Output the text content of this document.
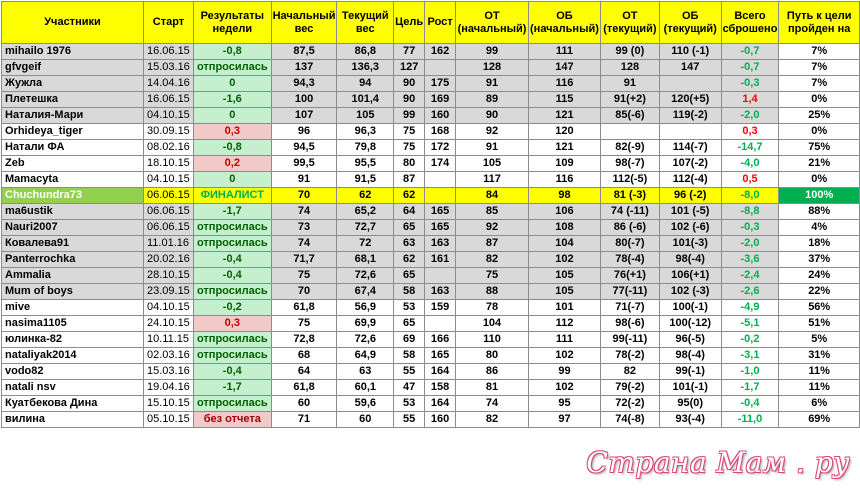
Участники	Старт	Результаты недели	Начальный вес	Текущий вес	Цель	Рост	ОТ (начальный)	ОБ (начальный)	ОТ (текущий)	ОБ (текущий)	Всего сброшено	Путь к цели пройден на
mihailo 1976	16.06.15	-0,8	87,5	86,8	77	162	99	111	99 (0)	110 (-1)	-0,7	7%
gfvgeif	15.03.16	отпросилась	137	136,3	127		128	147	128	147	-0,7	7%
Жужла	14.04.16	0	94,3	94	90	175	91	116	91		-0,3	7%
Плетешка	16.06.15	-1,6	100	101,4	90	169	89	115	91(+2)	120(+5)	1,4	0%
Наталия-Мари	04.10.15	0	107	105	99	160	90	121	85(-6)	119(-2)	-2,0	25%
Orhideya_tiger	30.09.15	0,3	96	96,3	75	168	92	120			0,3	0%
Натали ФА	08.02.16	-0,8	94,5	79,8	75	172	91	121	82(-9)	114(-7)	-14,7	75%
Zeb	18.10.15	0,2	99,5	95,5	80	174	105	109	98(-7)	107(-2)	-4,0	21%
Mamacyta	04.10.15	0	91	91,5	87		117	116	112(-5)	112(-4)	0,5	0%
Chuchundra73	06.06.15	ФИНАЛИСТ	70	62	62		84	98	81 (-3)	96 (-2)	-8,0	100%
ma6ustik	06.06.15	-1,7	74	65,2	64	165	85	106	74 (-11)	101 (-5)	-8,8	88%
Nauri2007	06.06.15	отпросилась	73	72,7	65	165	92	108	86 (-6)	102 (-6)	-0,3	4%
Ковалева91	11.01.16	отпросилась	74	72	63	163	87	104	80(-7)	101(-3)	-2,0	18%
Panterrochka	20.02.16	-0,4	71,7	68,1	62	161	82	102	78(-4)	98(-4)	-3,6	37%
Ammalia	28.10.15	-0,4	75	72,6	65		75	105	76(+1)	106(+1)	-2,4	24%
Mum of boys	23.09.15	отпросилась	70	67,4	58	163	88	105	77(-11)	102 (-3)	-2,6	22%
mive	04.10.15	-0,2	61,8	56,9	53	159	78	101	71(-7)	100(-1)	-4,9	56%
nasima1105	24.10.15	0,3	75	69,9	65		104	112	98(-6)	100(-12)	-5,1	51%
юлинка-82	10.11.15	отпросилась	72,8	72,6	69	166	110	111	99(-11)	96(-5)	-0,2	5%
nataliyak2014	02.03.16	отпросилась	68	64,9	58	165	80	102	78(-2)	98(-4)	-3,1	31%
vodo82	15.03.16	-0,4	64	63	55	164	86	99	82	99(-1)	-1,0	11%
natali nsv	19.04.16	-1,7	61,8	60,1	47	158	81	102	79(-2)	101(-1)	-1,7	11%
Куатбекова Дина	15.10.15	отпросилась	60	59,6	53	164	74	95	72(-2)	95(0)	-0,4	6%
вилина	05.10.15	без отчета	71	60	55	160	82	97	74(-8)	93(-4)	-11,0	69%
Страна Мам . ру
